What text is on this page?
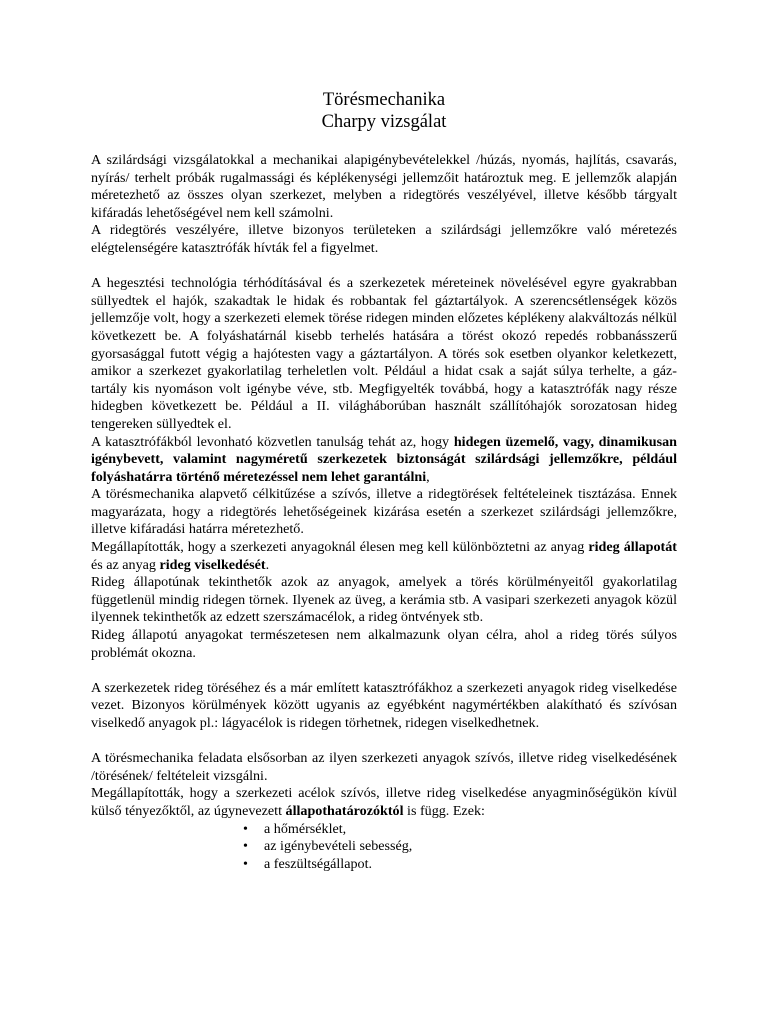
Törésmechanika
Charpy vizsgálat

A szilárdsági vizsgálatokkal a mechanikai alapigénybevételekkel /húzás, nyomás, hajlítás, csavarás, nyírás/ terhelt próbák rugalmassági és képlékenységi jellemzőit határoztuk meg. E jellemzők alapján méretezhető az összes olyan szerkezet, melyben a ridegtörés veszélyével, illetve később tárgyalt kifáradás lehetőségével nem kell számolni.

A ridegtörés veszélyére, illetve bizonyos területeken a szilárdsági jellemzőkre való méretezés elégtelenségére katasztrófák hívták fel a figyelmet.

A hegesztési technológia térhódításával és a szerkezetek méreteinek növelésével egyre gyakrabban süllyedtek el hajók, szakadtak le hidak és robbantak fel gáztartályok. A szerencsétlenségek közös jellemzője volt, hogy a szerkezeti elemek törése ridegen minden előzetes képlékeny alakváltozás nélkül következett be. A folyáshatárnál kisebb terhelés hatására a törést okozó repedés robbanásszerű gyorsasággal futott végig a hajótesten vagy a gáztartályon. A törés sok esetben olyankor keletkezett, amikor a szerkezet gyakorlatilag terheletlen volt. Például a hidat csak a saját súlya terhelte, a gáz-tartály kis nyomáson volt igénybe véve, stb. Megfigyelték továbbá, hogy a katasztrófák nagy része hidegben következett be. Például a II. világháborúban használt szállítóhajók sorozatosan hideg tengereken süllyedtek el.

A katasztrófákból levonható közvetlen tanulság tehát az, hogy hidegen üzemelő, vagy, dinamikusan igénybevett, valamint nagyméretű szerkezetek biztonságát szilárdsági jellemzőkre, például folyáshatárra történő méretezéssel nem lehet garantálni,

A törésmechanika alapvető célkitűzése a szívós, illetve a ridegtörések feltételeinek tisztázása. Ennek magyarázata, hogy a ridegtörés lehetőségeinek kizárása esetén a szerkezet szilárdsági jellemzőkre, illetve kifáradási határra méretezhető.

Megállapították, hogy a szerkezeti anyagoknál élesen meg kell különböztetni az anyag rideg állapotát és az anyag rideg viselkedését.

Rideg állapotúnak tekinthetők azok az anyagok, amelyek a törés körülményeitől gyakorlatilag függetlenül mindig ridegen törnek. Ilyenek az üveg, a kerámia stb. A vasipari szerkezeti anyagok közül ilyennek tekinthetők az edzett szerszámacélok, a rideg öntvények stb.

Rideg állapotú anyagokat természetesen nem alkalmazunk olyan célra, ahol a rideg törés súlyos problémát okozna.

A szerkezetek rideg töréséhez és a már említett katasztrófákhoz a szerkezeti anyagok rideg viselkedése vezet. Bizonyos körülmények között ugyanis az egyébként nagymértékben alakítható és szívósan viselkedő anyagok pl.: lágyacélok is ridegen törhetnek, ridegen viselkedhetnek.

A törésmechanika feladata elsősorban az ilyen szerkezeti anyagok szívós, illetve rideg viselkedésének /törésének/ feltételeit vizsgálni.

Megállapították, hogy a szerkezeti acélok szívós, illetve rideg viselkedése anyagminőségükön kívül külső tényezőktől, az úgynevezett állapothatározóktól is függ. Ezek:

• a hőmérséklet,
• az igénybevételi sebesség,
• a feszültségállapot.
